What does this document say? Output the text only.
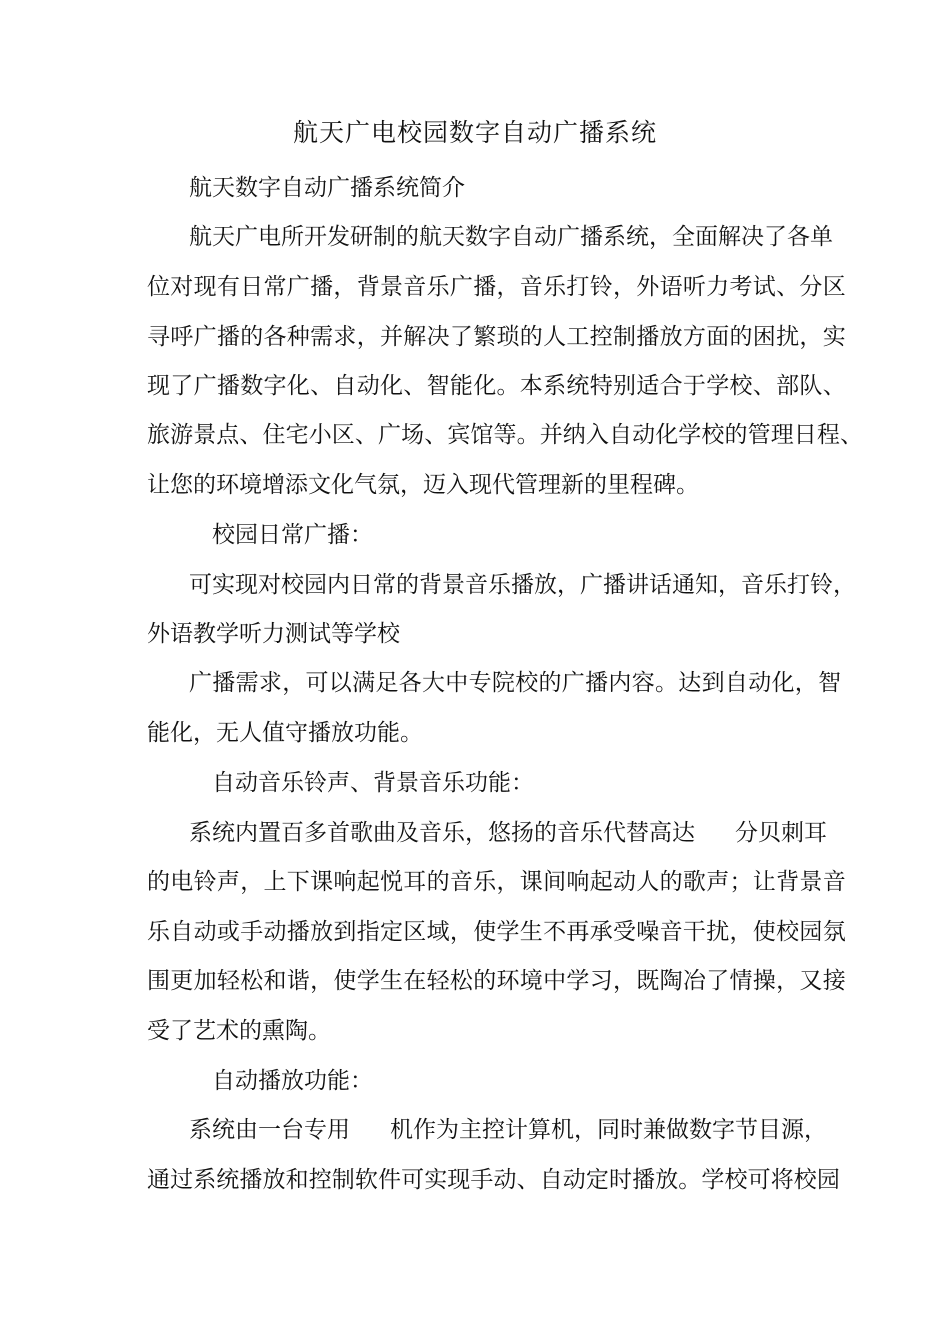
航天广电校园数字自动广播系统

航天数字自动广播系统简介

航天广电所开发研制的航天数字自动广播系统，全面解决了各单

位对现有日常广播，背景音乐广播，音乐打铃，外语听力考试、分区

寻呼广播的各种需求，并解决了繁琐的人工控制播放方面的困扰，实

现了广播数字化、自动化、智能化。本系统特别适合于学校、部队、

旅游景点、住宅小区、广场、宾馆等。并纳入自动化学校的管理日程、

让您的环境增添文化气氛，迈入现代管理新的里程碑。

校园日常广播：

可实现对校园内日常的背景音乐播放，广播讲话通知，音乐打铃，

外语教学听力测试等学校

广播需求，可以满足各大中专院校的广播内容。达到自动化，智

能化，无人值守播放功能。

自动音乐铃声、背景音乐功能：

系统内置百多首歌曲及音乐，悠扬的音乐代替高达 分贝刺耳

的电铃声，上下课响起悦耳的音乐，课间响起动人的歌声；让背景音

乐自动或手动播放到指定区域，使学生不再承受噪音干扰，使校园氛

围更加轻松和谐，使学生在轻松的环境中学习，既陶冶了情操，又接

受了艺术的熏陶。

自动播放功能：

系统由一台专用 机作为主控计算机，同时兼做数字节目源，

通过系统播放和控制软件可实现手动、自动定时播放。学校可将校园
